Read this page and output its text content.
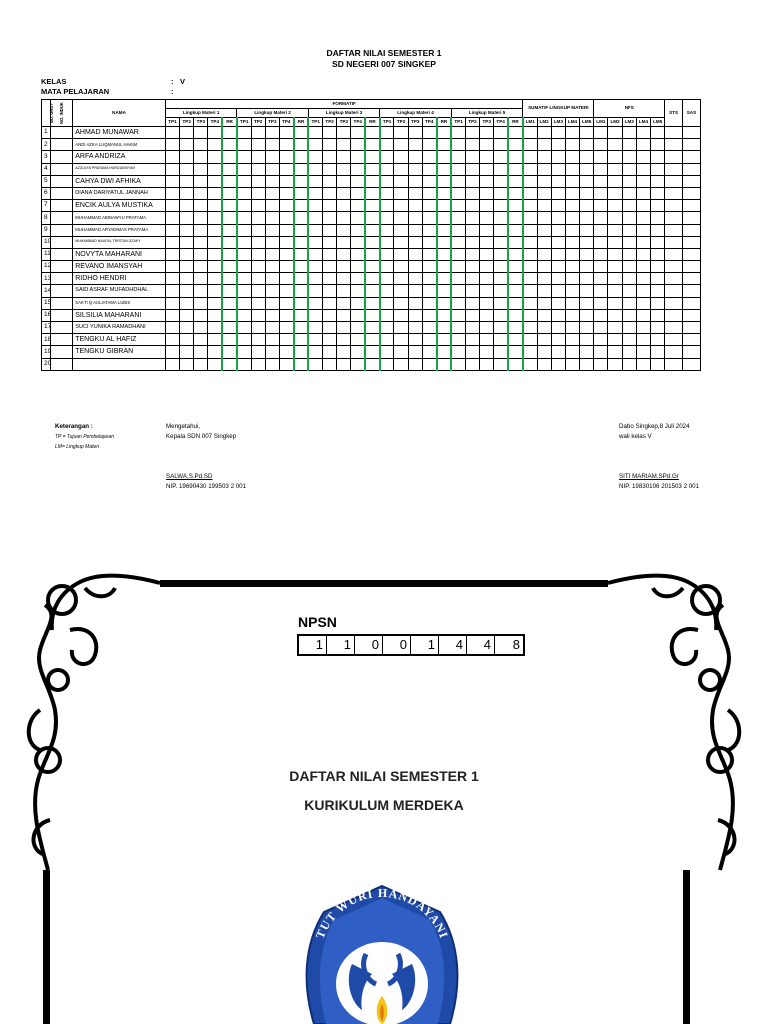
DAFTAR NILAI SEMESTER 1
SD NEGERI 007 SINGKEP
KELAS	: V
MATA PELAJARAN	:
NO. URUT	NO. INDUK	NAMA	FORMATIF																									SUMATIF LINGKUP MATERI					NFS					STS	SAS
			Lingkup Materi 1					Lingkup Materi 2					Lingkup Materi 3					Lingkup Materi 4					Lingkup Materi 5																
			TP1	TP2	TP3	TP4	RR	TP1	TP2	TP3	TP4	RR	TP1	TP2	TP3	TP4	RR	TP1	TP2	TP3	TP4	RR	TP1	TP2	TP3	TP4	RR	LM1	LM2	LM3	LM4	LM5	LM1	LM2	LM3	LM4	LM5		
1		AHMAD MUNAWAR																																					
2		ANDI AZKA LUQMANUL HAKIM																																					
3		ARFA ANDRIZA																																					
4		AZZULFA PRATAMA HARDIANSYAH																																					
5		CAHYA DWI AFHIKA																																					
6		DIANA DARIYATUL JANNAH																																					
7		ENCIK AULYA MUSTIKA																																					
8		MUHAMMAD ABINAWYU PRATAMA																																					
9		MUHAMMAD ARYADIMAS PRATAMA																																					
10		MUHAMMAD NAUFAL TRISTAN DZAKY																																					
11		NOVYTA MAHARANI																																					
12		REVANO IMANSYAH																																					
13		RIDHO HENDRI																																					
14		SAID ASRAF MUFADHDHAL																																					
15		SAKTI Q AULIATAMA LUBIS																																					
16		SILSILIA MAHARANI																																					
17		SUCI YUNIKA RAMADHANI																																					
18		TENGKU AL HAFIZ																																					
19		TENGKU GIBRAN																																					
20																																							
Keterangan :
TP = Tujuan Pembelajaran
LM= Lingkup Materi
Mengetahui,
Kepala SDN 007 Singkep
SALWA,S.Pd.SD
NIP. 19690430 199503 2 001
Dabo Singkep,8 Juli 2024
wali kelas V
SITI MARIAM,SPd.Gr
NIP. 19830106 201503 2 001
NPSN
1	1	0	0	1	4	4	8
DAFTAR NILAI SEMESTER 1
KURIKULUM MERDEKA
TUT WURI HANDAYANI
